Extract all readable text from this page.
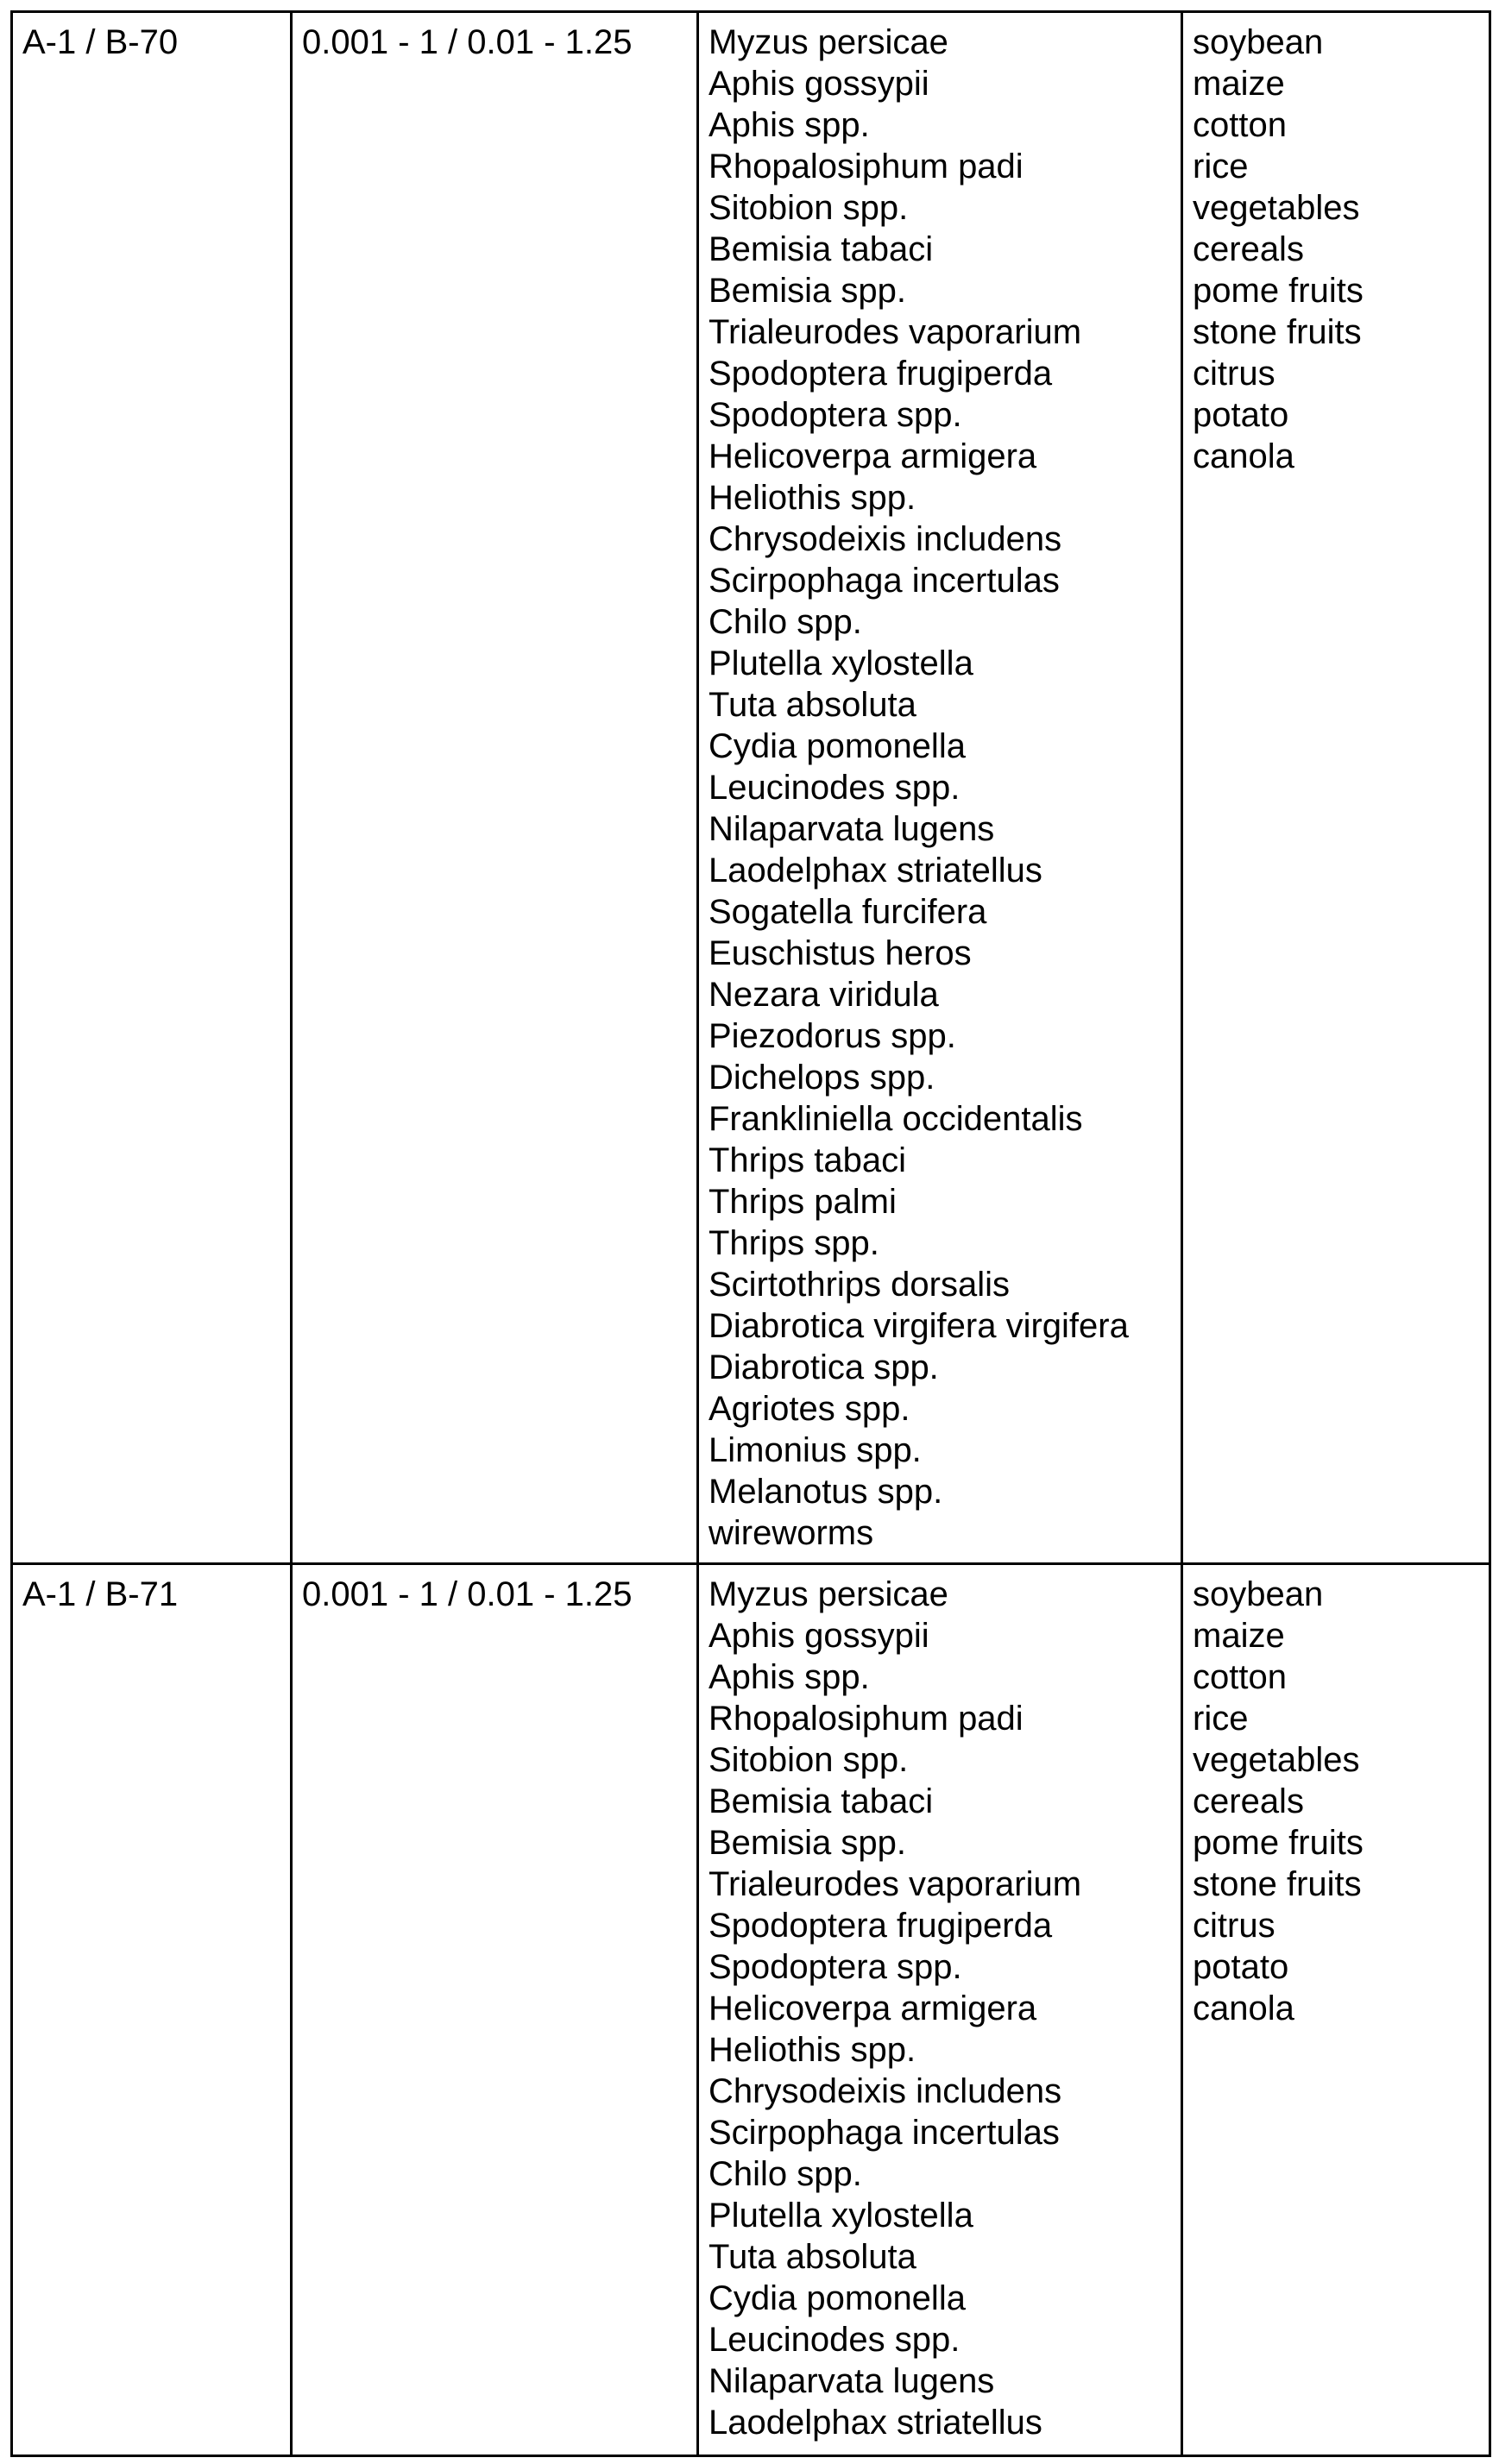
A-1 / B-70	0.001 - 1 / 0.01 - 1.25	Myzus persicae
Aphis gossypii
Aphis spp.
Rhopalosiphum padi
Sitobion spp.
Bemisia tabaci
Bemisia spp.
Trialeurodes vaporarium
Spodoptera frugiperda
Spodoptera spp.
Helicoverpa armigera
Heliothis spp.
Chrysodeixis includens
Scirpophaga incertulas
Chilo spp.
Plutella xylostella
Tuta absoluta
Cydia pomonella
Leucinodes spp.
Nilaparvata lugens
Laodelphax striatellus
Sogatella furcifera
Euschistus heros
Nezara viridula
Piezodorus spp.
Dichelops spp.
Frankliniella occidentalis
Thrips tabaci
Thrips palmi
Thrips spp.
Scirtothrips dorsalis
Diabrotica virgifera virgifera
Diabrotica spp.
Agriotes spp.
Limonius spp.
Melanotus spp.
wireworms

soybean
maize
cotton
rice
vegetables
cereals
pome fruits
stone fruits
citrus
potato
canola

A-1 / B-71	0.001 - 1 / 0.01 - 1.25	Myzus persicae
Aphis gossypii
Aphis spp.
Rhopalosiphum padi
Sitobion spp.
Bemisia tabaci
Bemisia spp.
Trialeurodes vaporarium
Spodoptera frugiperda
Spodoptera spp.
Helicoverpa armigera
Heliothis spp.
Chrysodeixis includens
Scirpophaga incertulas
Chilo spp.
Plutella xylostella
Tuta absoluta
Cydia pomonella
Leucinodes spp.
Nilaparvata lugens
Laodelphax striatellus

soybean
maize
cotton
rice
vegetables
cereals
pome fruits
stone fruits
citrus
potato
canola
